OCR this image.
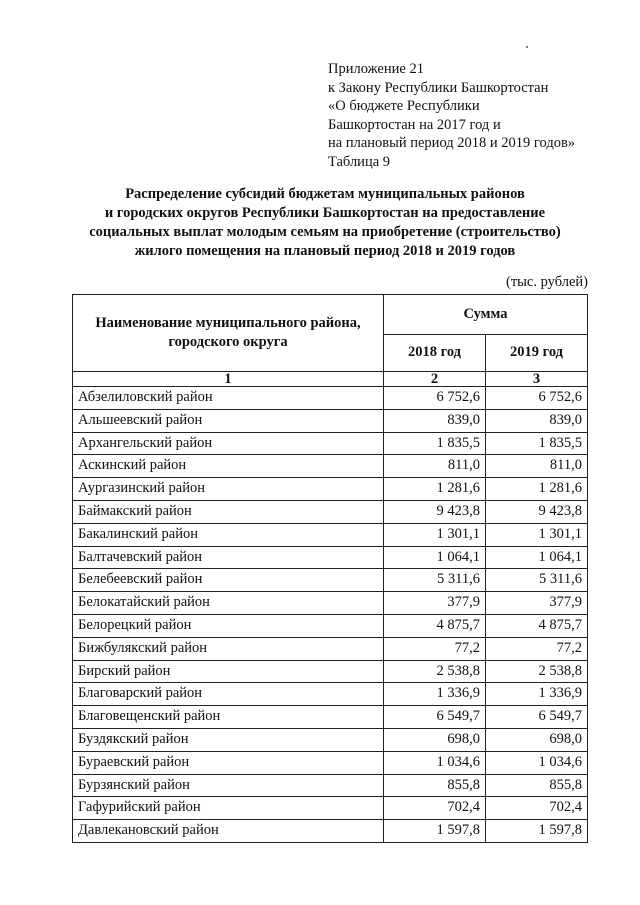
Приложение 21
к Закону Республики Башкортостан
«О бюджете Республики
Башкортостан на 2017 год и
на плановый период 2018 и 2019 годов»
Таблица 9
Распределение субсидий бюджетам муниципальных районов
и городских округов Республики Башкортостан на предоставление
социальных выплат молодым семьям на приобретение (строительство)
жилого помещения на плановый период 2018 и 2019 годов
(тыс. рублей)
Наименование муниципального района, городского округа	Сумма	
	2018 год	2019 год
1	2	3
Абзелиловский район	6 752,6	6 752,6
Альшеевский район	839,0	839,0
Архангельский район	1 835,5	1 835,5
Аскинский район	811,0	811,0
Аургазинский район	1 281,6	1 281,6
Баймакский район	9 423,8	9 423,8
Бакалинский район	1 301,1	1 301,1
Балтачевский район	1 064,1	1 064,1
Белебеевский район	5 311,6	5 311,6
Белокатайский район	377,9	377,9
Белорецкий район	4 875,7	4 875,7
Бижбулякский район	77,2	77,2
Бирский район	2 538,8	2 538,8
Благоварский район	1 336,9	1 336,9
Благовещенский район	6 549,7	6 549,7
Буздякский район	698,0	698,0
Бураевский район	1 034,6	1 034,6
Бурзянский район	855,8	855,8
Гафурийский район	702,4	702,4
Давлекановский район	1 597,8	1 597,8
